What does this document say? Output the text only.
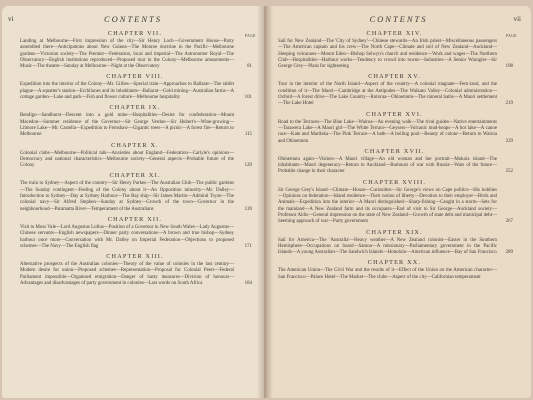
vi	CONTENTS
CHAPTER VII.	PAGE
Landing at Melbourne—First impression of the city—Sir Henry Loch—Government House—Party assembled there—Anticipations about New Guinea—The Monroe doctrine in the Pacific—Melbourne gardens—Victorian society—The Premier—Federation, local and imperial—The Astronomer Royal—The Observatory—English institutions reproduced—Proposed tour in the Colony—Melbourne amusements—Music—The theatre—Sunday at Melbourne—Night at the Observatory	81
CHAPTER VIII.
Expedition into the interior of the Colony—Mr. Gillies—Special train—Approaches to Ballarat—The rabbit plague—A squatter's station—Erchliunes and its inhabitants—Ballarat—Gold mining—Australian farms—A cottage garden—Lake and park—Fish and flower culture—Melbourne hospitality	101
CHAPTER IX.
Bendigo—Sandhurst—Descent into a gold mine—Hospitalities—Desire for confederation—Mount Macedon—Summer residence of the Governor—Sir George Verdon—Sir Hubert's—Wine-growing—Lilmore Lake—Mr. Castella—Expedition to Fernshaw—Gigantic trees—A picnic—A forest fire—Return to Melbourne	115
CHAPTER X.
Colonial clubs—Melbourne—Political talk—Anxieties about England—Federation—Carlyle's opinions—Democracy and national characteristics—Melbourne society—General aspects—Probable future of the Colony	129
CHAPTER XI.
The train to Sydney—Aspect of the country—Sir Henry Parkes—The Australian Club—The public gardens—The Sunday contingent—Feeling of the Colony about it—An Opposition minority—Mr. Dalley—Introduction to Sydney—Day at Sydney Harbour—The Bay ship—Sir James Martin—Admiral Tryon—The colonial navy—Sir Alfred Stephen—Sunday at Sydney—Growth of the town—Governor in the neighbourhood—Paramatta River—Temperament of the Australians	139
CHAPTER XII.
Visit to Moss Vale—Lord Augustus Loftus—Position of a Governor in New South Wales—Lady Augustus—Chinese servants—English newspapers—Dinner party conversations—A brown and true bishop—Sydney harbour once more—Conversation with Mr. Dalley on Imperial Federation—Objections to proposed schemes—The Navy—The English flag	171
CHAPTER XIII.
Alternative prospects of the Australian colonies—Theory of the value of colonies in the last century—Modern desire for union—Proposed schemes—Representation—Proposal for Colonial Peers—Federal Parliament impossible—Organised emigration—Danger of hasty measures—Division of honours—Advantages and disadvantages of party government in colonies—Last words on South Africa	184
CONTENTS	vii
CHAPTER XIV.	PAGE
Sail for New Zealand—The 'City of Sydney'—Chinese stewards—An Irish priest—Miscellaneous passengers—The American captain and his crew—The North Cape—Climate and soil of New Zealand—Auckland—Sleeping volcanoes—Mount Eden—Bishop Selwyn's church and residence—Work and wages—The Northern Club—Hospitalities—Harbour works—Tendency to crowd into towns—Industries—A Senior Wrangler—Sir George Grey—Plans for sightseeing	198
CHAPTER XV.
Tour in the interior of the North Island—Aspect of the country—A colonial magnate—Fern-land, and the condition of it—The Maori—Cambridge at the Antipodes—The Waikato Valley—Colonial administration—Oxford—A forest drive—The Lake Country—Rotorua—Ohinemutu—The mineral baths—A Maori settlement—The Lake Hotel	219
CHAPTER XVI.
Road to the Terraces—The Blue Lake—Wairoa—An evening walk—The rival guides—Native entertainments—Tarawera Lake—A Maori girl—The White Terrace—Geysers—Volcanic mud-heaps—A hot lake—A canoe race—Kate and Marileka—The Pink Terrace—A bath—A boiling pool—Beauty of colour—Return to Wairoa and Ohinemutu	229
CHAPTER XVII.
Ohinemutu again—Visitors—A Maori village—An old woman and her portrait—Mokoia island—The inhabitants—Maori degeneracy—Return to Auckland—Rumours of war with Russia—Wars of the future—Probable change in their character	252
CHAPTER XVIII.
Sir George Grey's Island—Climate—House—Curiosities—Sir George's views on Cape politics—His hobbies—Opinions on federation—Island residence—Their notion of liberty—Devotion to their employer—Birds and Animals—Expedition into the interior—A Maori distinguished—Sharp-fishing—Caught in a storm—Sets for the mainland—A New Zealand farm and its occupants—End of visit to Sir George—Auckland society—Professor Aldis—General impression on the state of New Zealand—Growth of state debt and municipal debt—Seeming approach of war—Party government	267
CHAPTER XIX.
Sail for America—The 'Australia'—Heavy weather—A New Zealand colonist—Easter in the Southern Hemisphere—Occupations on board—Samoa—A missionary—Parliamentary government in the Pacific Islands—A young Australian—The Sandwich Islands—Honolulu—American influence—Bay of San Francisco 289
CHAPTER XX.
The American Union—The Civil War and the results of it—Effect of the Union on the American character—San Francisco—Palace Hotel—The Market—The clubs—Aspect of the city—Californian temperament
